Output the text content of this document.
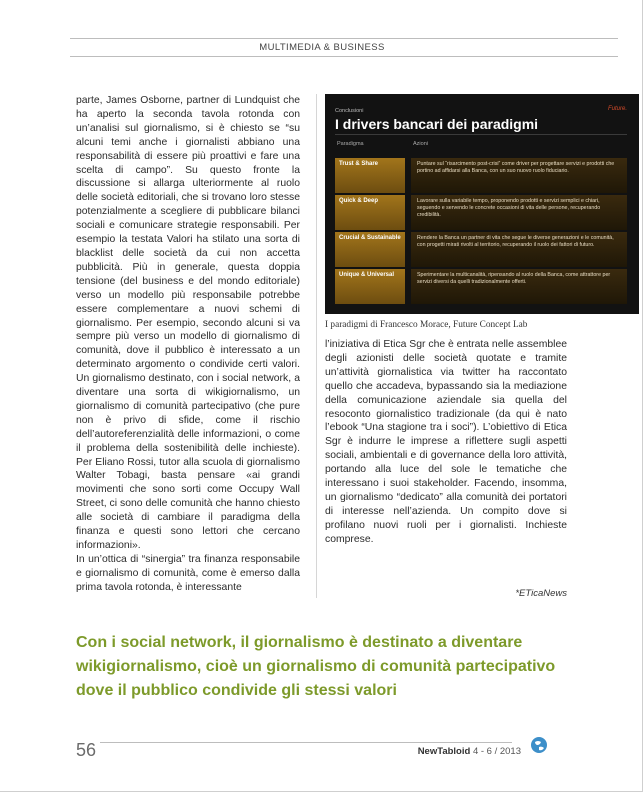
MULTIMEDIA & BUSINESS

parte, James Osborne, partner di Lundquist che ha aperto la seconda tavola rotonda con un’analisi sul giornalismo, si è chiesto se “su alcuni temi anche i giornalisti abbiano una responsabilità di essere più proattivi e fare una scelta di campo”. Su questo fronte la discussione si allarga ulteriormente al ruolo delle società editoriali, che si trovano loro stesse potenzialmente a scegliere di pubblicare bilanci sociali e comunicare strategie responsabili. Per esempio la testata Valori ha stilato una sorta di blacklist delle società da cui non accetta pubblicità. Più in generale, questa doppia tensione (del business e del mondo editoriale) verso un modello più responsabile potrebbe essere complementare a nuovi schemi di giornalismo. Per esempio, secondo alcuni si va sempre più verso un modello di giornalismo di comunità, dove il pubblico è interessato a un determinato argomento o condivide certi valori. Un giornalismo destinato, con i social network, a diventare una sorta di wikigiornalismo, un giornalismo di comunità partecipativo (che pure non è privo di sfide, come il rischio dell’autoreferenzialità delle informazioni, o come il problema della sostenibilità delle inchieste). Per Eliano Rossi, tutor alla scuola di giornalismo Walter Tobagi, basta pensare «ai grandi movimenti che sono sorti come Occupy Wall Street, ci sono delle comunità che hanno chiesto alle società di cambiare il paradigma della finanza e questi sono lettori che cercano informazioni».

In un’ottica di “sinergia” tra finanza responsabile e giornalismo di comunità, come è emerso dalla prima tavola rotonda, è interessante

Conclusioni	Future.
I drivers bancari dei paradigmi
Paradigma	Azioni
Trust & Share	Puntare sul “risarcimento post-crisi” come driver per progettare servizi e prodotti che portino ad affidarsi alla Banca, con un suo nuovo ruolo fiduciario.
Quick & Deep	Lavorare sulla variabile tempo, proponendo prodotti e servizi semplici e chiari, seguendo e servendo le concrete occasioni di vita delle persone, recuperando credibilità.
Crucial & Sustainable	Rendere la Banca un partner di vita che segue le diverse generazioni e le comunità, con progetti mirati rivolti al territorio, recuperando il ruolo dei fattori di futuro.
Unique & Universal	Sperimentare la multicanalità, ripensando al ruolo della Banca, come attrattore per servizi diversi da quelli tradizionalmente offerti.
I paradigmi di Francesco Morace, Future Concept Lab

l’iniziativa di Etica Sgr che è entrata nelle assemblee degli azionisti delle società quotate e tramite un’attività giornalistica via twitter ha raccontato quello che accadeva, bypassando sia la mediazione della comunicazione aziendale sia quella del resoconto giornalistico tradizionale (da qui è nato l’ebook “Una stagione tra i soci”). L’obiettivo di Etica Sgr è indurre le imprese a riflettere sugli aspetti sociali, ambientali e di governance della loro attività, portando alla luce del sole le tematiche che interessano i suoi stakeholder. Facendo, insomma, un giornalismo “dedicato” alla comunità dei portatori di interesse nell’azienda. Un compito dove si profilano nuovi ruoli per i giornalisti. Inchieste comprese.

*ETicaNews
Con i social network, il giornalismo è destinato a diventare wikigiornalismo, cioè un giornalismo di comunità partecipativo dove il pubblico condivide gli stessi valori
56	NewTabloid 4 - 6 / 2013
